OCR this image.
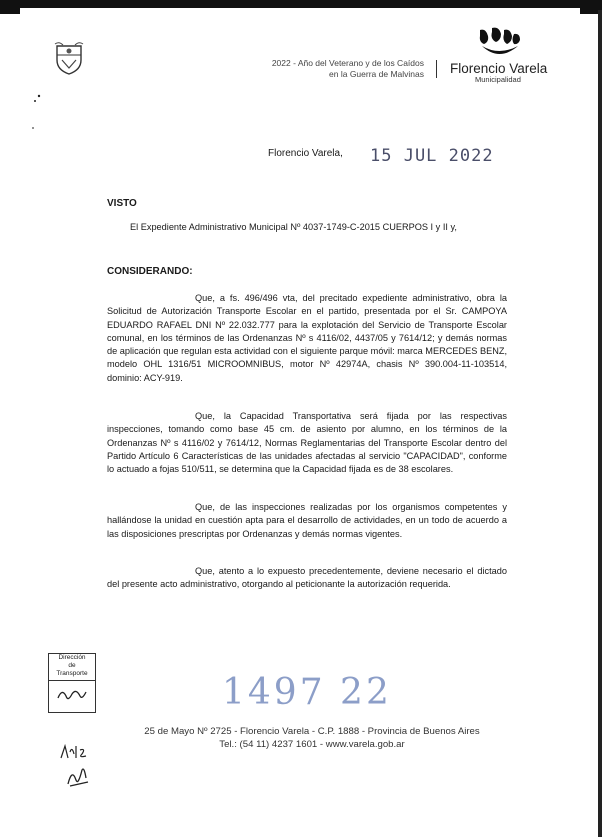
2022 - Año del Veterano y de los Caídos
en la Guerra de Malvinas Florencio Varela
Municipalidad
Florencio Varela, 15 JUL 2022
VISTO
El Expediente Administrativo Municipal Nº 4037-1749-C-2015 CUERPOS I y II y,
CONSIDERANDO:
Que, a fs. 496/496 vta, del precitado expediente administrativo, obra la Solicitud de Autorización Transporte Escolar en el partido, presentada por el Sr. CAMPOYA EDUARDO RAFAEL DNI Nº 22.032.777 para la explotación del Servicio de Transporte Escolar comunal, en los términos de las Ordenanzas Nº s 4116/02, 4437/05 y 7614/12; y demás normas de aplicación que regulan esta actividad con el siguiente parque móvil: marca MERCEDES BENZ, modelo OHL 1316/51 MICROOMNIBUS, motor Nº 42974A, chasis Nº 390.004-11-103514, dominio: ACY-919.
Que, la Capacidad Transportativa será fijada por las respectivas inspecciones, tomando como base 45 cm. de asiento por alumno, en los términos de la Ordenanzas Nº s 4116/02 y 7614/12, Normas Reglamentarias del Transporte Escolar dentro del Partido Artículo 6 Características de las unidades afectadas al servicio "CAPACIDAD", conforme lo actuado a fojas 510/511, se determina que la Capacidad fijada es de 38 escolares.
Que, de las inspecciones realizadas por los organismos competentes y hallándose la unidad en cuestión apta para el desarrollo de actividades, en un todo de acuerdo a las disposiciones prescriptas por Ordenanzas y demás normas vigentes.
Que, atento a lo expuesto precedentemente, deviene necesario el dictado del presente acto administrativo, otorgando al peticionante la autorización requerida.
Dirección
de
Transporte	1497 22
25 de Mayo Nº 2725 - Florencio Varela - C.P. 1888 - Provincia de Buenos Aires
Tel.: (54 11) 4237 1601 - www.varela.gob.ar
